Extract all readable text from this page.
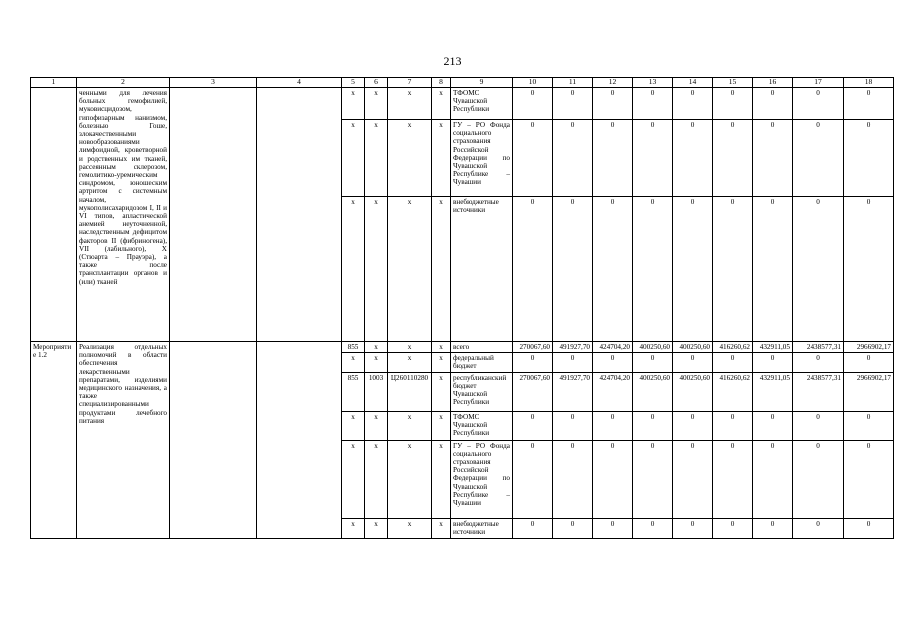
213
1	2	3	4	5	6	7	8	9	10	11	12	13	14	15	16	17	18
	ченными для лечения больных гемофилией, муковисцидозом, гипофизарным нанизмом, болезнью Гоше, злокачественными новообразованиями лимфоидной, кроветворной и родственных им тканей, рассеянным склерозом, гемолитико-уремическим синдромом, юношеским артритом с системным началом, мукополисахаридозом I, II и VI типов, апластической анемией неуточненной, наследственным дефицитом факторов II (фибриногена), VII (лабильного), X (Стюарта – Прауэра), а также после трансплантации органов и (или) тканей			х	х	х	х	ТФОМС Чувашской Республики	0	0	0	0	0	0	0	0	0
				х	х	х	х	ГУ – РО Фонда социального страхования Российской Федерации по Чувашской Республике – Чувашии	0	0	0	0	0	0	0	0	0
				х	х	х	х	внебюджетные источники	0	0	0	0	0	0	0	0	0
Мероприятие 1.2	Реализация отдельных полномочий в области обеспечения лекарственными препаратами, изделиями медицинского назначения, а также специализированными продуктами лечебного питания			855	х	х	х	всего	270067,60	491927,70	424704,20	400250,60	400250,60	416260,62	432911,05	2438577,31	2966902,17
				х	х	х	х	федеральный бюджет	0	0	0	0	0	0	0	0	0
				855	1003	Ц260110280	х	республиканский бюджет Чувашской Республики	270067,60	491927,70	424704,20	400250,60	400250,60	416260,62	432911,05	2438577,31	2966902,17
				х	х	х	х	ТФОМС Чувашской Республики	0	0	0	0	0	0	0	0	0
				х	х	х	х	ГУ – РО Фонда социального страхования Российской Федерации по Чувашской Республике – Чувашии	0	0	0	0	0	0	0	0	0
				х	х	х	х	внебюджетные источники	0	0	0	0	0	0	0	0	0
